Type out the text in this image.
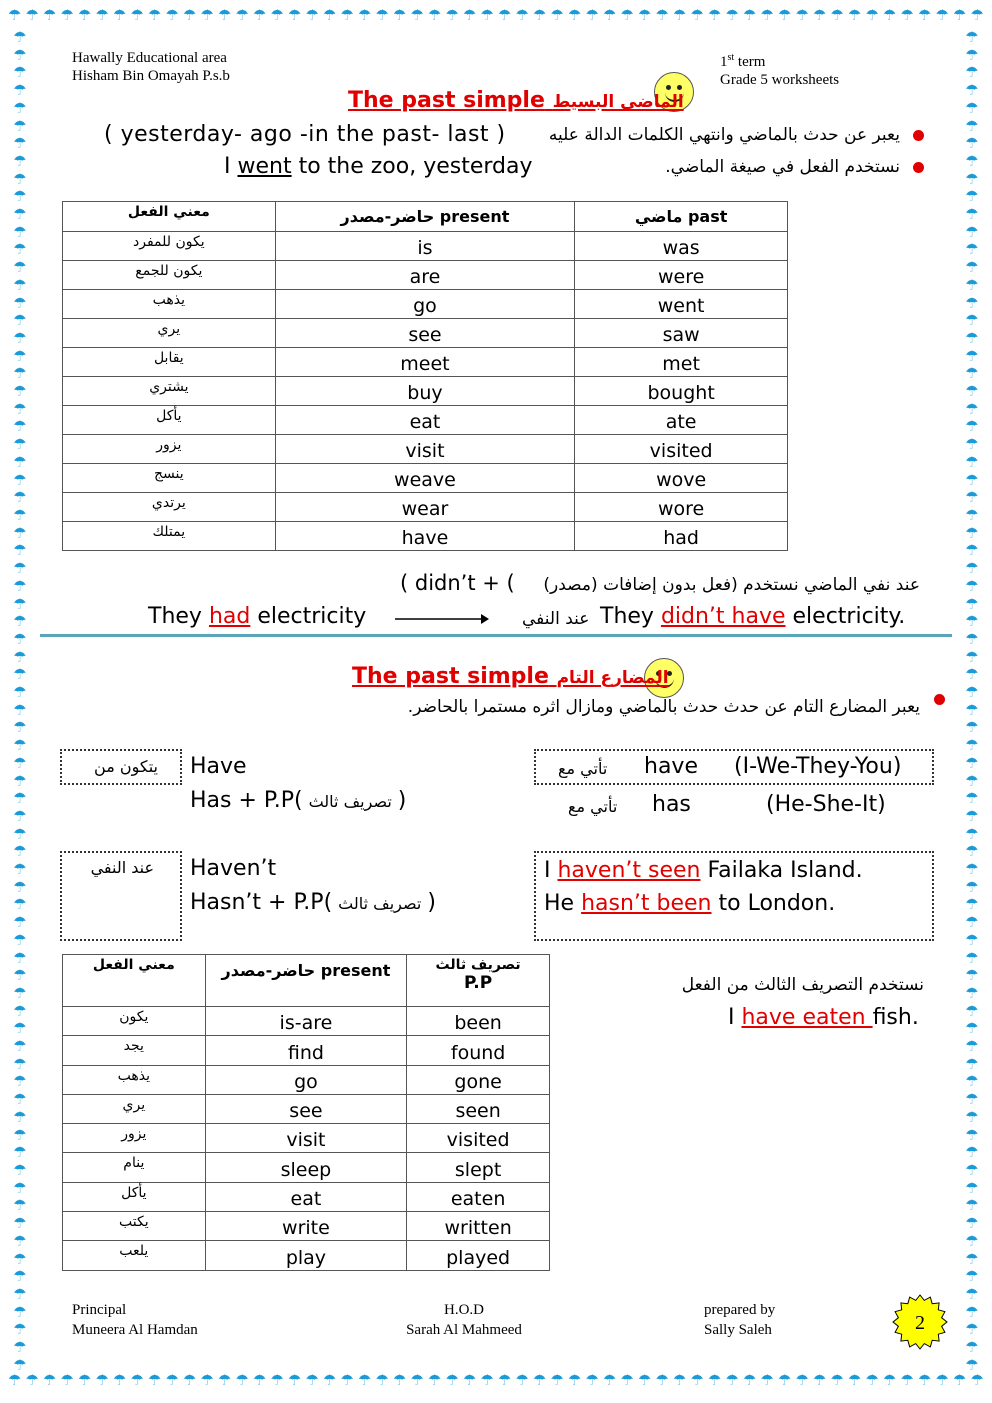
☂ ☂ ☂ ☂ ☂ ☂ ☂ ☂ ☂ ☂ ☂ ☂ ☂ ☂ ☂ ☂ ☂ ☂ ☂ ☂ ☂ ☂ ☂ ☂ ☂ ☂ ☂ ☂ ☂ ☂ ☂ ☂ ☂ ☂ ☂ ☂ ☂ ☂ ☂ ☂ ☂ ☂ ☂ ☂ ☂ ☂ ☂ ☂ ☂ ☂ ☂ ☂ ☂ ☂ ☂ ☂
☂ ☂ ☂ ☂ ☂ ☂ ☂ ☂ ☂ ☂ ☂ ☂ ☂ ☂ ☂ ☂ ☂ ☂ ☂ ☂ ☂ ☂ ☂ ☂ ☂ ☂ ☂ ☂ ☂ ☂ ☂ ☂ ☂ ☂ ☂ ☂ ☂ ☂ ☂ ☂ ☂ ☂ ☂ ☂ ☂ ☂ ☂ ☂ ☂ ☂ ☂ ☂ ☂ ☂ ☂ ☂
☂
☂
☂
☂
☂
☂
☂
☂
☂
☂
☂
☂
☂
☂
☂
☂
☂
☂
☂
☂
☂
☂
☂
☂
☂
☂
☂
☂
☂
☂
☂
☂
☂
☂
☂
☂
☂
☂
☂
☂
☂
☂
☂
☂
☂
☂
☂
☂
☂
☂
☂
☂
☂
☂
☂
☂
☂
☂
☂
☂
☂
☂
☂
☂
☂
☂
☂
☂
☂
☂
☂
☂
☂
☂
☂
☂
☂
☂
☂
☂
☂
☂
☂
☂
☂
☂
☂
☂
☂
☂
☂
☂
☂
☂
☂
☂
☂
☂
☂
☂
☂
☂
☂
☂
☂
☂
☂
☂
☂
☂
☂
☂
☂
☂
☂
☂
☂
☂
☂
☂
☂
☂
☂
☂
☂
☂
☂
☂
☂
☂
☂
☂
☂
☂
☂
☂
☂
☂
☂
☂
☂
☂
☂
☂
☂
☂
☂
☂
☂
☂
☂
☂
Hawally Educational area
Hisham Bin Omayah P.s.b
1st term
Grade 5 worksheets
The past simple الماضى البسيط
( yesterday- ago -in the past- last )	يعبر عن حدث بالماضي وانتهي الكلمات الدالة عليه
I went to the zoo, yesterday	نستخدم الفعل في صيغة الماضي.
معني الفعل	حاضر-مصدر present	ماضي past
يكون للمفرد	is	was
يكون للجمع	are	were
يذهب	go	went
يري	see	saw
يقابل	meet	met
يشتري	buy	bought
يأكل	eat	ate
يزور	visit	visited
ينسج	weave	wove
يرتدي	wear	wore
يمتلك	have	had
عند نفي الماضي نستخدم (فعل بدون إضافات (مصدر)
( didn’t + (
They had electricity	عند النفي They didn’t have electricity.
The past simple المضارع التام
يعبر المضارع التام عن حدث حدث بالماضي ومازال اثره مستمرا بالحاضر.
يتكون من Have
Has + P.P( تصريف ثالث )
تأتي مع have (I-We-They-You)
تأتي مع has	(He-She-It)
عند النفي Haven’t
Hasn’t + P.P( تصريف ثالث )
I haven’t seen Failaka Island.
He hasn’t been to London.
معني الفعل	حاضر-مصدر present	تصريف ثالث
P.P

يكون	is-are	been
يجد	find	found
يذهب	go	gone
يري	see	seen
يزور	visit	visited
ينام	sleep	slept
يأكل	eat	eaten
يكتب	write	written
يلعب	play	played
نستخدم التصريف الثالث من الفعل
I have eaten fish.
Principal
Muneera Al Hamdan
H.O.D
Sarah Al Mahmeed
prepared by
Sally Saleh	2
